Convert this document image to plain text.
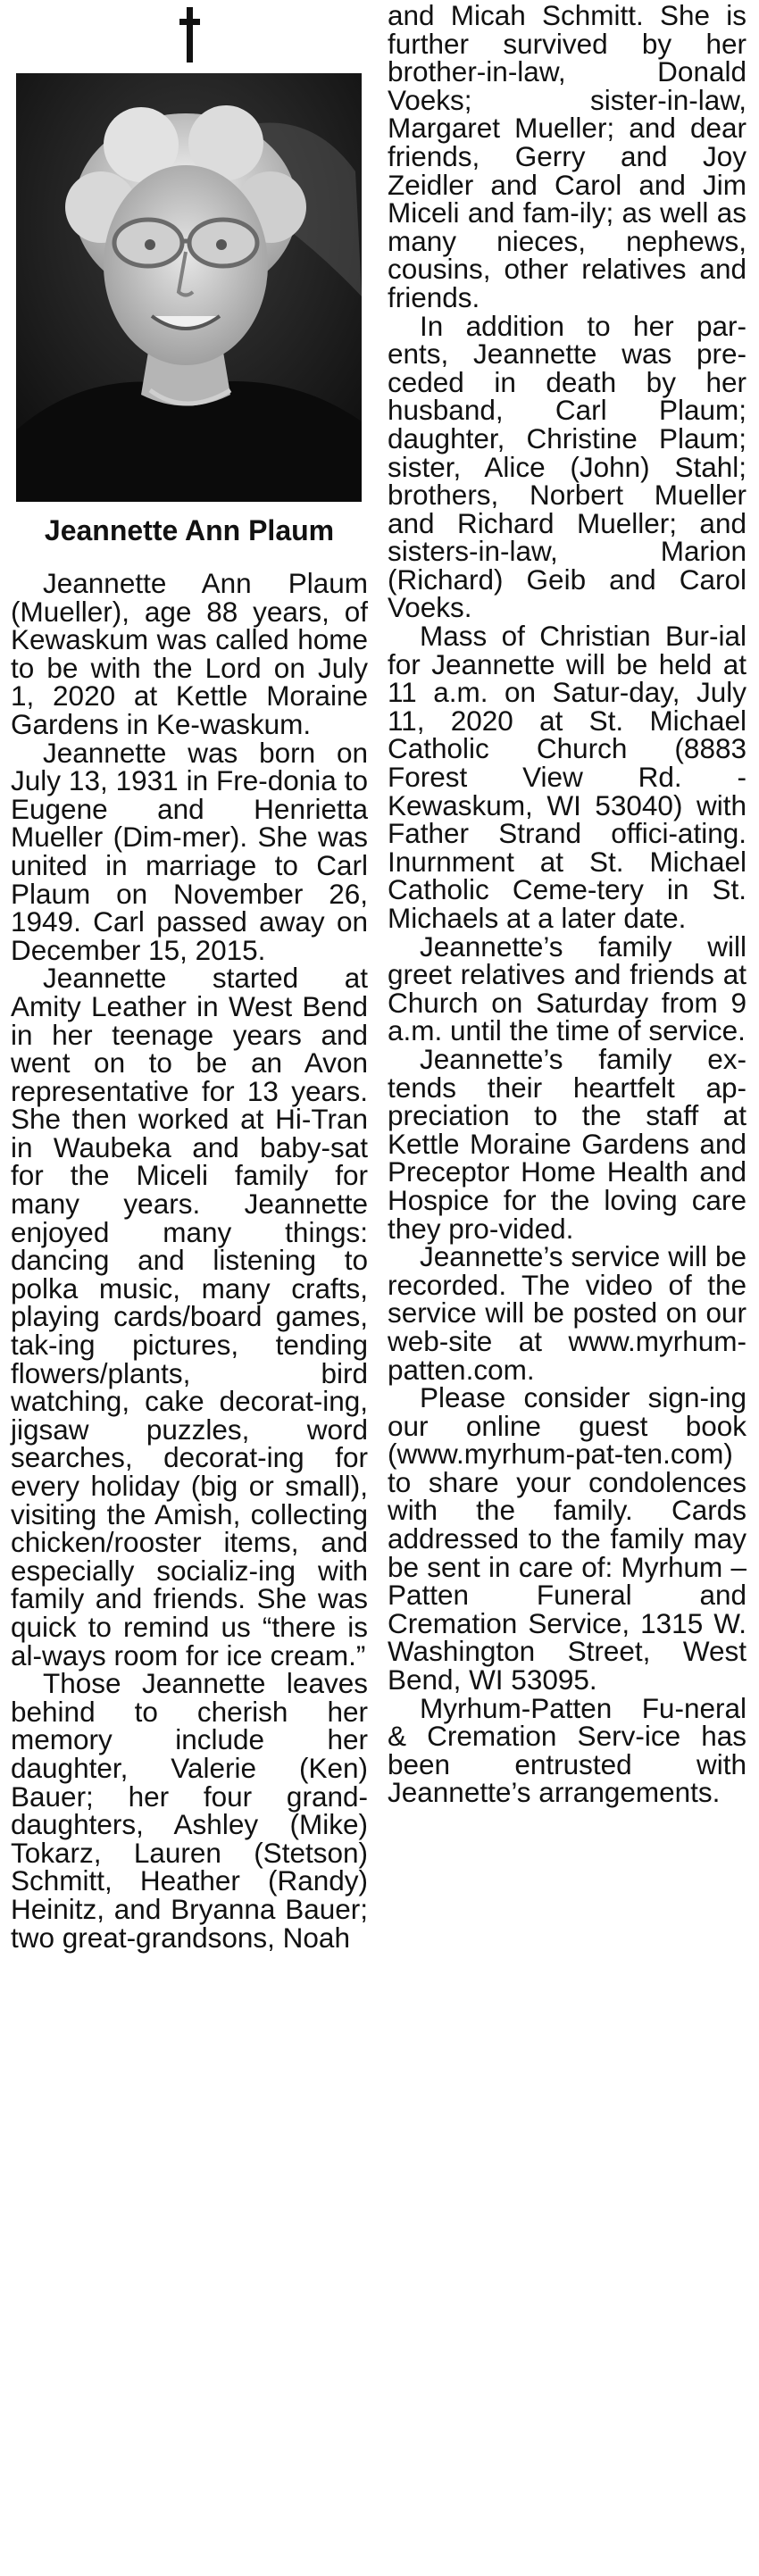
Jeannette Ann Plaum

Jeannette Ann Plaum (Mueller), age 88 years, of Kewaskum was called home to be with the Lord on July 1, 2020 at Kettle Moraine Gardens in Ke-waskum.

Jeannette was born on July 13, 1931 in Fre-donia to Eugene and Henrietta Mueller (Dim-mer). She was united in marriage to Carl Plaum on November 26, 1949. Carl passed away on December 15, 2015.

Jeannette started at Amity Leather in West Bend in her teenage years and went on to be an Avon representative for 13 years. She then worked at Hi-Tran in Waubeka and baby-sat for the Miceli family for many years. Jeannette enjoyed many things: dancing and listening to polka music, many crafts, playing cards/board games, tak-ing pictures, tending flowers/plants, bird watching, cake decorat-ing, jigsaw puzzles, word searches, decorat-ing for every holiday (big or small), visiting the Amish, collecting chicken/rooster items, and especially socializ-ing with family and friends. She was quick to remind us “there is al-ways room for ice cream.”

Those Jeannette leaves behind to cherish her memory include her daughter, Valerie (Ken) Bauer; her four grand-daughters, Ashley (Mike) Tokarz, Lauren (Stetson) Schmitt, Heather (Randy) Heinitz, and Bryanna Bauer; two great-grandsons, Noah

and Micah Schmitt. She is further survived by her brother-in-law, Donald Voeks; sister-in-law, Margaret Mueller; and dear friends, Gerry and Joy Zeidler and Carol and Jim Miceli and fam-ily; as well as many nieces, nephews, cousins, other relatives and friends.

In addition to her par-ents, Jeannette was pre-ceded in death by her husband, Carl Plaum; daughter, Christine Plaum; sister, Alice (John) Stahl; brothers, Norbert Mueller and Richard Mueller; and sisters-in-law, Marion (Richard) Geib and Carol Voeks.

Mass of Christian Bur-ial for Jeannette will be held at 11 a.m. on Satur-day, July 11, 2020 at St. Michael Catholic Church (8883 Forest View Rd. - Kewaskum, WI 53040) with Father Strand offici-ating. Inurnment at St. Michael Catholic Ceme-tery in St. Michaels at a later date.

Jeannette’s family will greet relatives and friends at Church on Saturday from 9 a.m. until the time of service.

Jeannette’s family ex-tends their heartfelt ap-preciation to the staff at Kettle Moraine Gardens and Preceptor Home Health and Hospice for the loving care they pro-vided.

Jeannette’s service will be recorded. The video of the service will be posted on our web-site at www.myrhum-patten.com.

Please consider sign-ing our online guest book (www.myrhum-pat-ten.com) to share your condolences with the family. Cards addressed to the family may be sent in care of: Myrhum – Patten Funeral and Cremation Service, 1315 W. Washington Street, West Bend, WI 53095.

Myrhum-Patten Fu-neral & Cremation Serv-ice has been entrusted with Jeannette’s arrangements.
